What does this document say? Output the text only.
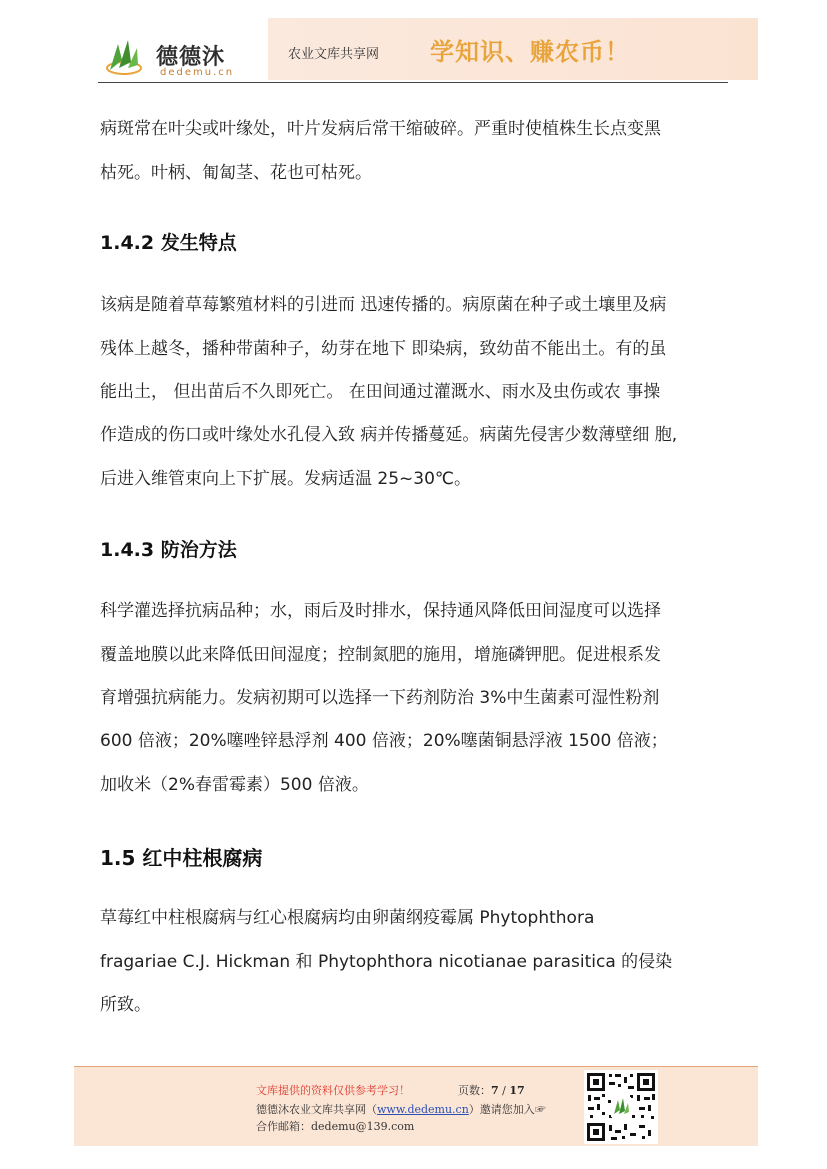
德德沐
dedemu.cn
农业文库共享网 学知识、赚农币！

病斑常在叶尖或叶缘处，叶片发病后常干缩破碎。严重时使植株生长点变黑

枯死。叶柄、匍匐茎、花也可枯死。

1.4.2 发生特点

该病是随着草莓繁殖材料的引进而 迅速传播的。病原菌在种子或土壤里及病

残体上越冬，播种带菌种子，幼芽在地下 即染病，致幼苗不能出土。有的虽

能出土， 但出苗后不久即死亡。 在田间通过灌溉水、雨水及虫伤或农 事操

作造成的伤口或叶缘处水孔侵入致 病并传播蔓延。病菌先侵害少数薄壁细 胞,

后进入维管束向上下扩展。发病适温 25~30℃。

1.4.3 防治方法

科学灌选择抗病品种；水，雨后及时排水，保持通风降低田间湿度可以选择

覆盖地膜以此来降低田间湿度；控制氮肥的施用，增施磷钾肥。促进根系发

育增强抗病能力。发病初期可以选择一下药剂防治 3%中生菌素可湿性粉剂

600 倍液；20%噻唑锌悬浮剂 400 倍液；20%噻菌铜悬浮液 1500 倍液；

加收米（2%春雷霉素）500 倍液。

1.5 红中柱根腐病

草莓红中柱根腐病与红心根腐病均由卵菌纲疫霉属 Phytophthora

fragariae C.J. Hickman 和 Phytophthora nicotianae parasitica 的侵染

所致。

文库提供的资料仅供参考学习！	页数：7 / 17
德德沐农业文库共享网（www.dedemu.cn）邀请您加入☞
合作邮箱：dedemu@139.com
